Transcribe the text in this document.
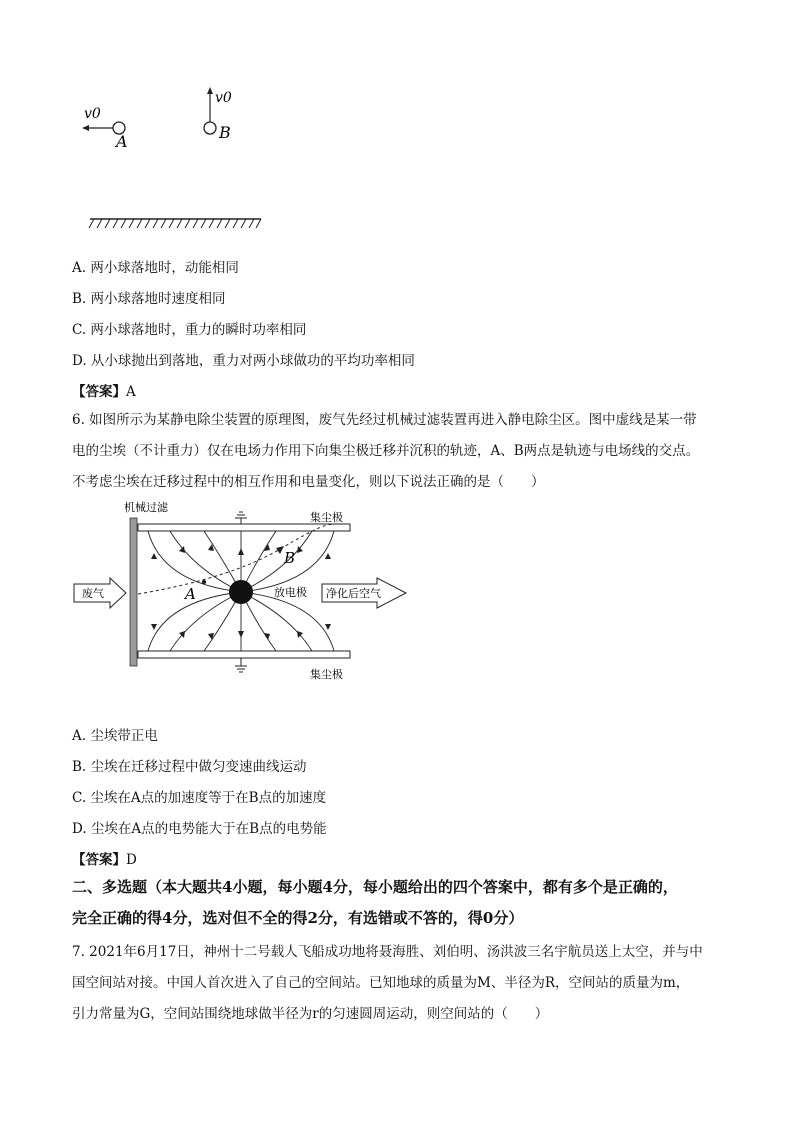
v0
A
v0
B
A. 两小球落地时，动能相同
B. 两小球落地时速度相同
C. 两小球落地时，重力的瞬时功率相同
D. 从小球抛出到落地，重力对两小球做功的平均功率相同
【答案】A
6. 如图所示为某静电除尘装置的原理图，废气先经过机械过滤装置再进入静电除尘区。图中虚线是某一带
电的尘埃（不计重力）仅在电场力作用下向集尘极迁移并沉积的轨迹，A、B两点是轨迹与电场线的交点。
不考虑尘埃在迁移过程中的相互作用和电量变化，则以下说法正确的是（　　）
机械过滤
集尘极
集尘极
A
B
放电极
废气	净化后空气
A. 尘埃带正电
B. 尘埃在迁移过程中做匀变速曲线运动
C. 尘埃在A点的加速度等于在B点的加速度
D. 尘埃在A点的电势能大于在B点的电势能
【答案】D
二、多选题（本大题共4小题，每小题4分，每小题给出的四个答案中，都有多个是正确的，
完全正确的得4分，选对但不全的得2分，有选错或不答的，得0分）
7. 2021年6月17日，神州十二号载人飞船成功地将聂海胜、刘伯明、汤洪波三名宇航员送上太空，并与中
国空间站对接。中国人首次进入了自己的空间站。已知地球的质量为M、半径为R，空间站的质量为m，
引力常量为G，空间站围绕地球做半径为r的匀速圆周运动，则空间站的（　　）
